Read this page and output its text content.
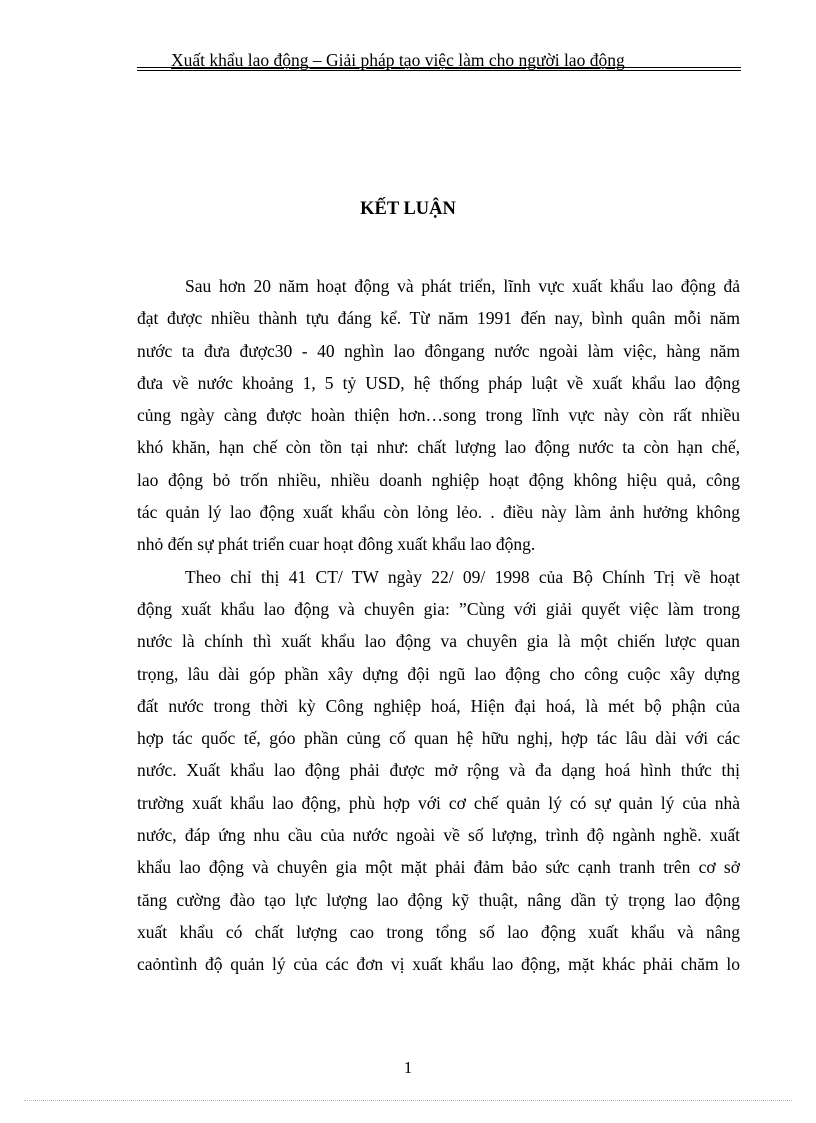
Xuất khẩu lao động – Giải pháp tạo việc làm cho người lao động
KẾT LUẬN
Sau hơn 20 năm hoạt động và phát triển, lĩnh vực xuất khẩu lao động đả
đạt được nhiều thành tựu đáng kể. Từ năm 1991 đến nay, bình quân mỗi năm
nước ta đưa được30 - 40 nghìn lao đôngang nước ngoài làm việc, hàng năm
đưa về nước khoảng 1, 5 tỷ USD, hệ thống pháp luật về xuất khẩu lao động
củng ngày càng được hoàn thiện hơn…song trong lĩnh vực này còn rất nhiều
khó khăn, hạn chế còn tồn tại như: chất lượng lao động nước ta còn hạn chế,
lao động bỏ trốn nhiều, nhiều doanh nghiệp hoạt động không hiệu quả, công
tác quản lý lao động xuất khẩu còn lỏng lẻo. . điều này làm ảnh hưởng không
nhỏ đến sự phát triển cuar hoạt đông xuất khẩu lao động.
Theo chỉ thị 41 CT/ TW ngày 22/ 09/ 1998 của Bộ Chính Trị về hoạt
động xuất khẩu lao động và chuyên gia: ”Cùng với giải quyết việc làm trong
nước là chính thì xuất khẩu lao động va chuyên gia là một chiến lược quan
trọng, lâu dài góp phần xây dựng đội ngũ lao động cho công cuộc xây dựng
đất nước trong thời kỳ Công nghiệp hoá, Hiện đại hoá, là mét bộ phận của
hợp tác quốc tế, góo phần củng cố quan hệ hữu nghị, hợp tác lâu dài với các
nước. Xuất khẩu lao động phải được mở rộng và đa dạng hoá hình thức thị
trường xuất khẩu lao động, phù hợp với cơ chế quản lý có sự quản lý của nhà
nước, đáp ứng nhu cầu của nước ngoài về số lượng, trình độ ngành nghề. xuất
khẩu lao động và chuyên gia một mặt phải đảm bảo sức cạnh tranh trên cơ sở
tăng cường đào tạo lực lượng lao động kỹ thuật, nâng dần tỷ trọng lao động
xuất khẩu có chất lượng cao trong tổng số lao động xuất khẩu và nâng
caỏntình độ quản lý của các đơn vị xuất khẩu lao động, mặt khác phải chăm lo
1
